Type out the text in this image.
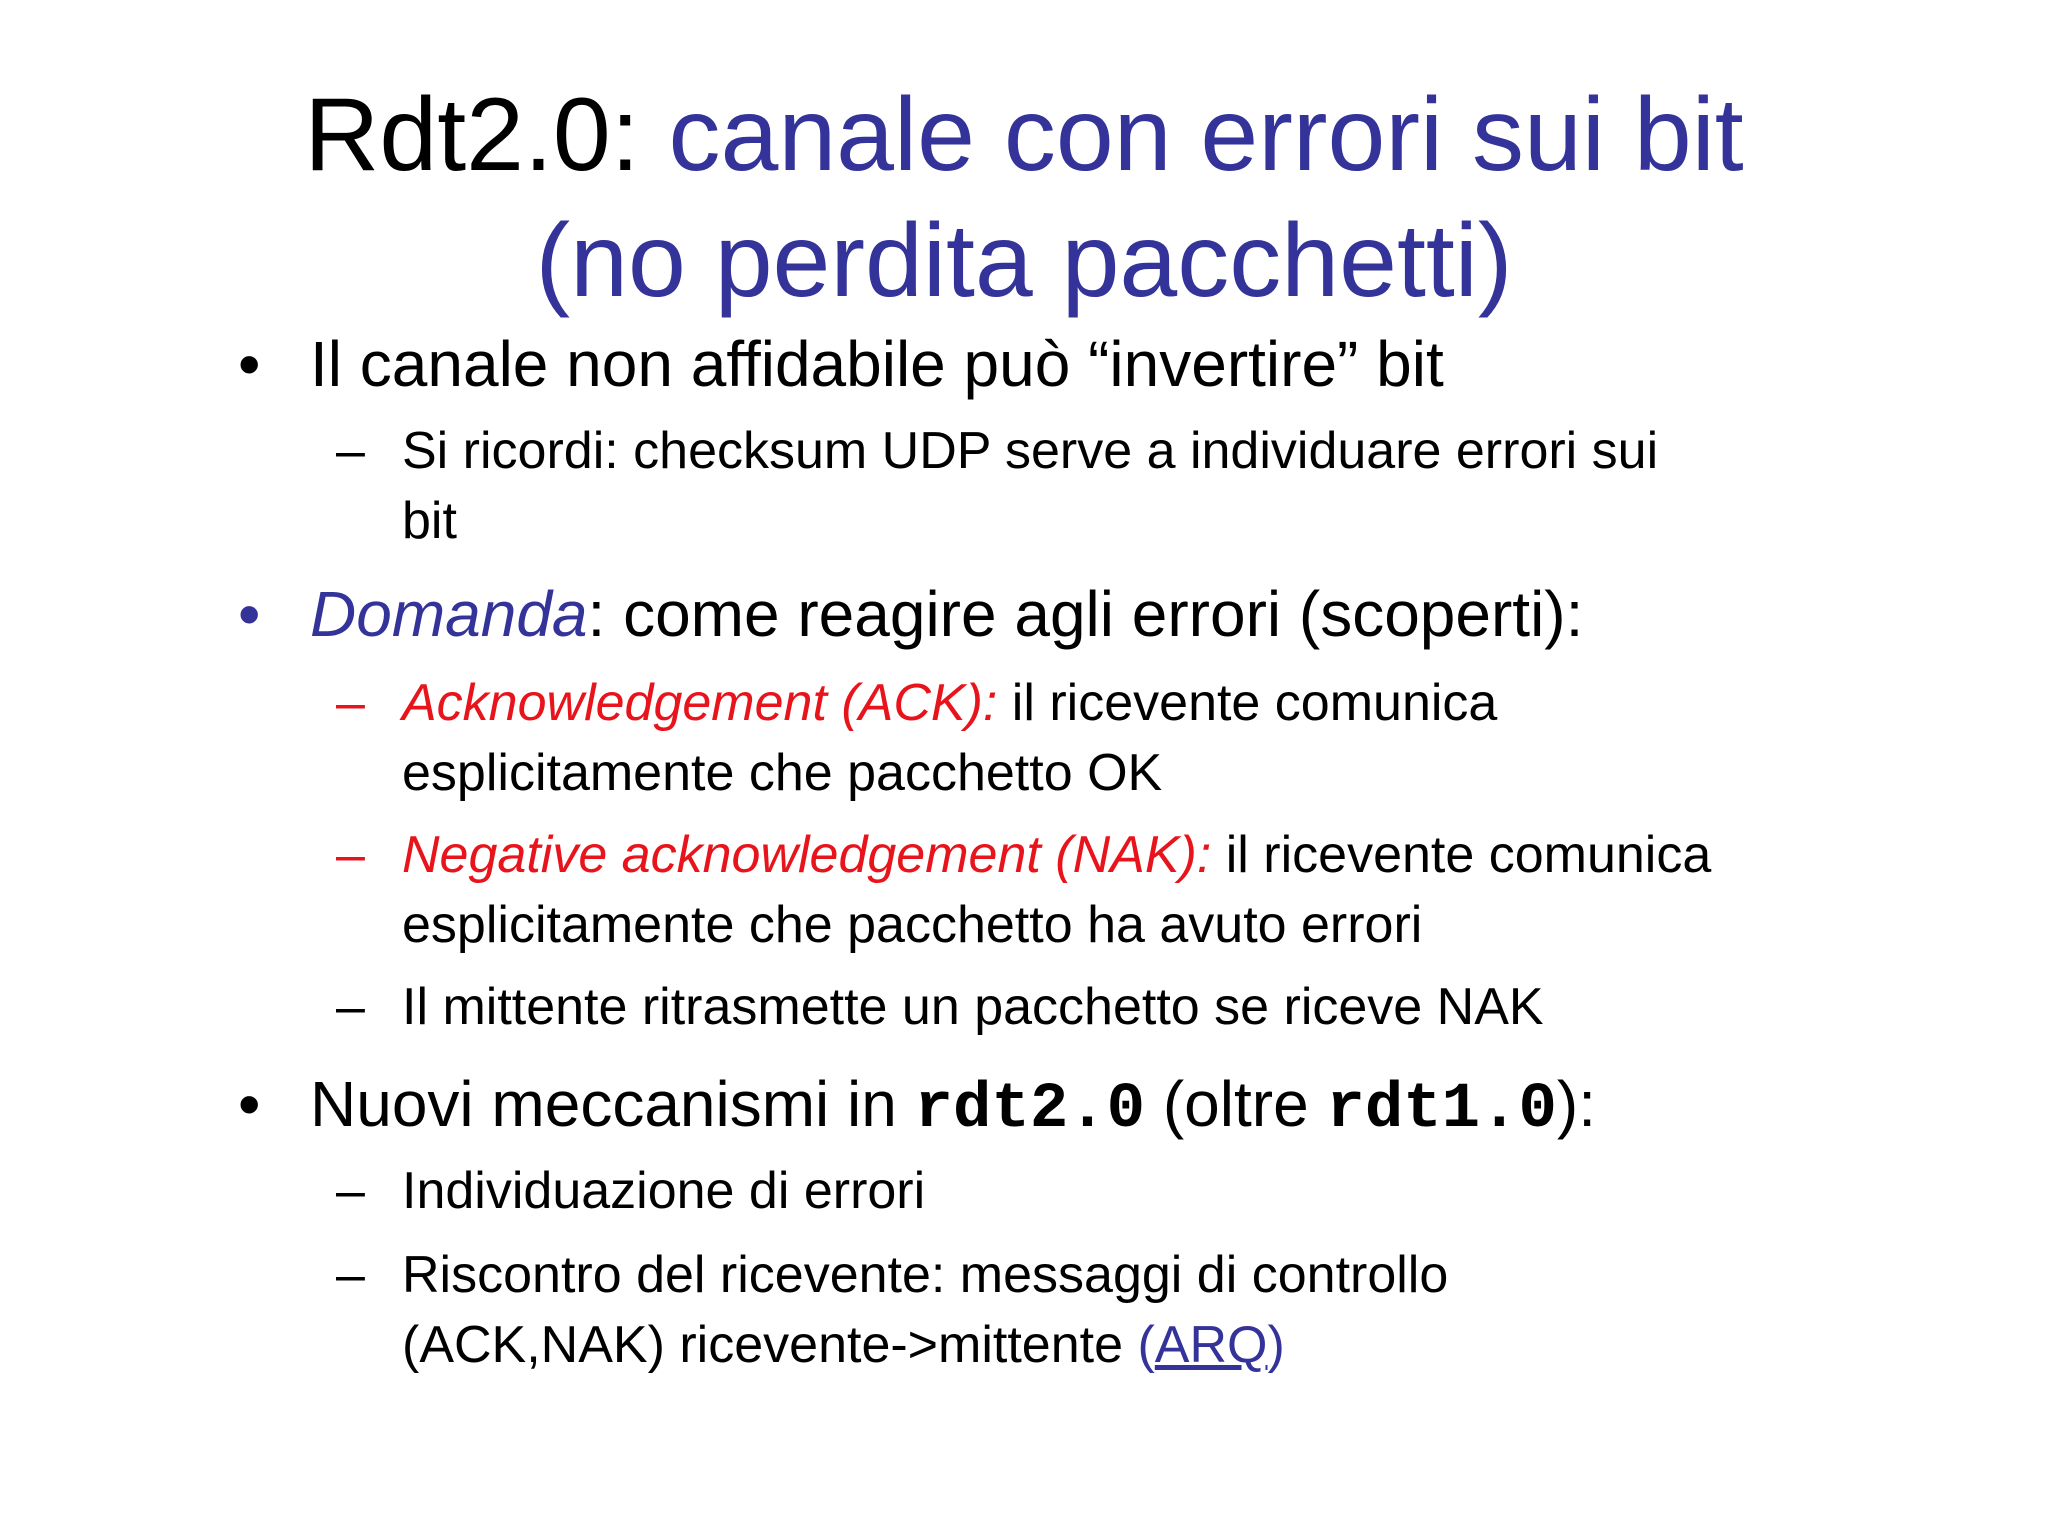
Rdt2.0: canale con errori sui bit
(no perdita pacchetti)
• Il canale non affidabile può “invertire” bit
– Si ricordi: checksum UDP serve a individuare errori sui
bit
• Domanda: come reagire agli errori (scoperti):
– Acknowledgement (ACK): il ricevente comunica
esplicitamente che pacchetto OK
– Negative acknowledgement (NAK): il ricevente comunica
esplicitamente che pacchetto ha avuto errori
– Il mittente ritrasmette un pacchetto se riceve NAK
• Nuovi meccanismi in rdt2.0 (oltre rdt1.0):
– Individuazione di errori
– Riscontro del ricevente: messaggi di controllo
(ACK,NAK) ricevente->mittente (ARQ)
